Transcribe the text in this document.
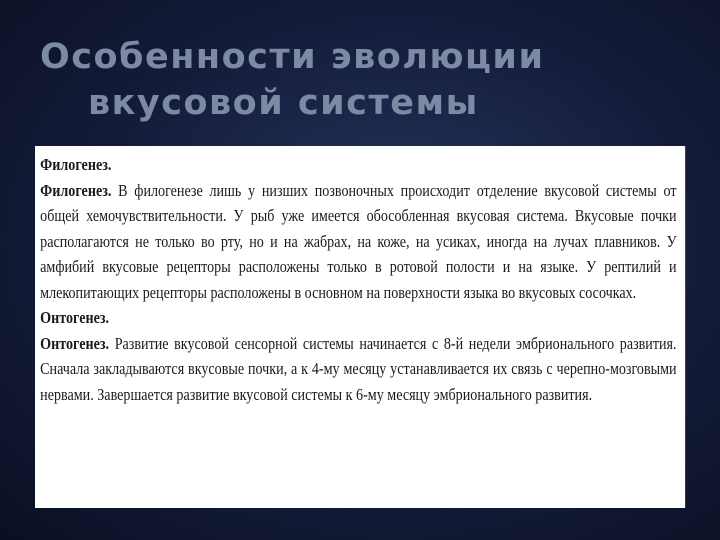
Особенности эволюции
вкусовой системы

Филогенез.

Филогенез. В филогенезе лишь у низших позвоночных происходит отделение вкусовой системы от общей хемочувствительности. У рыб уже имеется обособленная вкусовая система. Вкусовые почки располагаются не только во рту, но и на жабрах, на коже, на усиках, иногда на лучах плавников. У амфибий вкусовые рецепторы расположены только в ротовой полости и на языке. У рептилий и млекопитающих рецепторы расположены в основном на поверхности языка во вкусовых сосочках.

Онтогенез.

Онтогенез. Развитие вкусовой сенсорной системы начинается с 8-й недели эмбрионального развития. Сначала закладываются вкусовые почки, а к 4-му месяцу устанавливается их связь с черепно-мозговыми нервами. Завершается развитие вкусовой системы к 6-му месяцу эмбрионального развития.
